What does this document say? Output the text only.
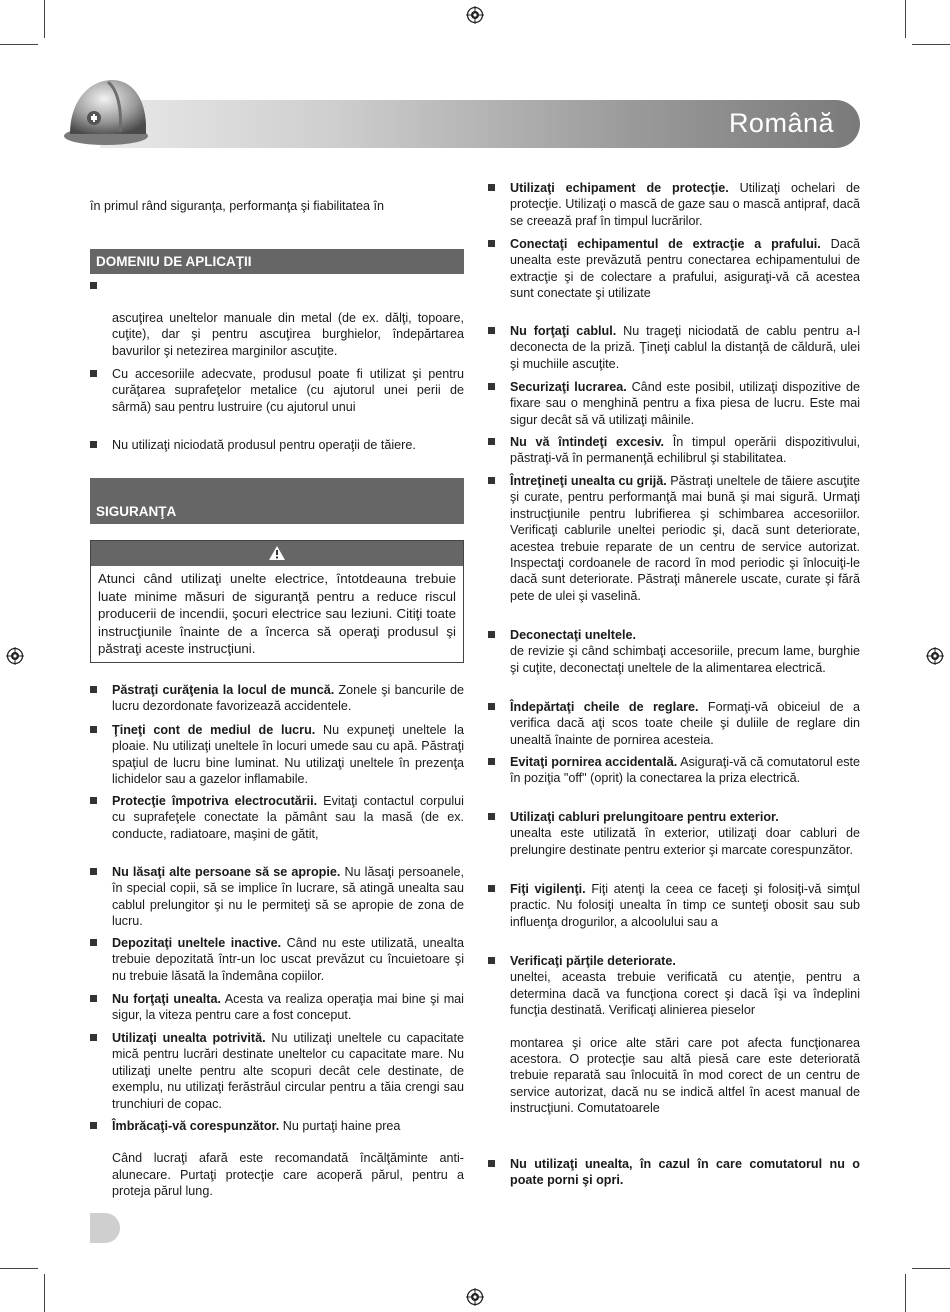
Română

în primul rând siguranţa, performanţa şi fiabilitatea în

DOMENIU DE APLICAŢII
ascuţirea uneltelor manuale din metal (de ex. dălţi, topoare, cuţite), dar şi pentru ascuţirea burghielor, îndepărtarea bavurilor şi netezirea marginilor ascuţite.
Cu accesoriile adecvate, produsul poate fi utilizat şi pentru curăţarea suprafeţelor metalice (cu ajutorul unei perii de sârmă) sau pentru lustruire (cu ajutorul unui
Nu utilizaţi niciodată produsul pentru operaţii de tăiere.
SIGURANŢA
Atunci când utilizaţi unelte electrice, întotdeauna trebuie luate minime măsuri de siguranţă pentru a reduce riscul producerii de incendii, şocuri electrice sau leziuni. Citiţi toate instrucţiunile înainte de a încerca să operaţi produsul şi păstraţi aceste instrucţiuni.
Păstraţi curăţenia la locul de muncă. Zonele şi bancurile de lucru dezordonate favorizează accidentele.
Ţineţi cont de mediul de lucru. Nu expuneţi uneltele la ploaie. Nu utilizaţi uneltele în locuri umede sau cu apă. Păstraţi spaţiul de lucru bine luminat. Nu utilizaţi uneltele în prezenţa lichidelor sau a gazelor inflamabile.
Protecţie împotriva electrocutării. Evitaţi contactul corpului cu suprafeţele conectate la pământ sau la masă (de ex. conducte, radiatoare, maşini de gătit,
Nu lăsaţi alte persoane să se apropie. Nu lăsaţi persoanele, în special copii, să se implice în lucrare, să atingă unealta sau cablul prelungitor şi nu le permiteţi să se apropie de zona de lucru.
Depozitaţi uneltele inactive. Când nu este utilizată, unealta trebuie depozitată într-un loc uscat prevăzut cu încuietoare şi nu trebuie lăsată la îndemâna copiilor.
Nu forţaţi unealta. Acesta va realiza operaţia mai bine şi mai sigur, la viteza pentru care a fost conceput.
Utilizaţi unealta potrivită. Nu utilizaţi uneltele cu capacitate mică pentru lucrări destinate uneltelor cu capacitate mare. Nu utilizaţi unelte pentru alte scopuri decât cele destinate, de exemplu, nu utilizaţi ferăstrăul circular pentru a tăia crengi sau trunchiuri de copac.
Îmbrăcaţi-vă corespunzător. Nu purtaţi haine prea
Când lucraţi afară este recomandată încălţăminte anti-alunecare. Purtaţi protecţie care acoperă părul, pentru a proteja părul lung.
Utilizaţi echipament de protecţie. Utilizaţi ochelari de protecţie. Utilizaţi o mască de gaze sau o mască antipraf, dacă se creează praf în timpul lucrărilor.
Conectaţi echipamentul de extracţie a prafului. Dacă unealta este prevăzută pentru conectarea echipamentului de extracţie şi de colectare a prafului, asiguraţi-vă că acestea sunt conectate şi utilizate
Nu forţaţi cablul. Nu trageţi niciodată de cablu pentru a-l deconecta de la priză. Ţineţi cablul la distanţă de căldură, ulei şi muchiile ascuţite.
Securizaţi lucrarea. Când este posibil, utilizaţi dispozitive de fixare sau o menghină pentru a fixa piesa de lucru. Este mai sigur decât să vă utilizaţi mâinile.
Nu vă întindeţi excesiv. În timpul operării dispozitivului, păstraţi-vă în permanenţă echilibrul şi stabilitatea.
Întreţineţi unealta cu grijă. Păstraţi uneltele de tăiere ascuţite şi curate, pentru performanţă mai bună şi mai sigură. Urmaţi instrucţiunile pentru lubrifierea şi schimbarea accesoriilor. Verificaţi cablurile uneltei periodic şi, dacă sunt deteriorate, acestea trebuie reparate de un centru de service autorizat. Inspectaţi cordoanele de racord în mod periodic şi înlocuiţi-le dacă sunt deteriorate. Păstraţi mânerele uscate, curate şi fără pete de ulei şi vaselină.
Deconectaţi uneltele.
de revizie şi când schimbaţi accesoriile, precum lame, burghie şi cuţite, deconectaţi uneltele de la alimentarea electrică.
Îndepărtaţi cheile de reglare. Formaţi-vă obiceiul de a verifica dacă aţi scos toate cheile şi duliile de reglare din unealtă înainte de pornirea acesteia.
Evitaţi pornirea accidentală. Asiguraţi-vă că comutatorul este în poziţia "off" (oprit) la conectarea la priza electrică.
Utilizaţi cabluri prelungitoare pentru exterior.
unealta este utilizată în exterior, utilizaţi doar cabluri de prelungire destinate pentru exterior şi marcate corespunzător.
Fiţi vigilenţi. Fiţi atenţi la ceea ce faceţi şi folosiţi-vă simţul practic. Nu folosiţi unealta în timp ce sunteţi obosit sau sub influenţa drogurilor, a alcoolului sau a
Verificaţi părţile deteriorate.
uneltei, aceasta trebuie verificată cu atenţie, pentru a determina dacă va funcţiona corect şi dacă îşi va îndeplini funcţia destinată. Verificaţi alinierea pieselor
montarea şi orice alte stări care pot afecta funcţionarea acestora. O protecţie sau altă piesă care este deteriorată trebuie reparată sau înlocuită în mod corect de un centru de service autorizat, dacă nu se indică altfel în acest manual de instrucţiuni. Comutatoarele
Nu utilizaţi unealta, în cazul în care comutatorul nu o poate porni şi opri.
